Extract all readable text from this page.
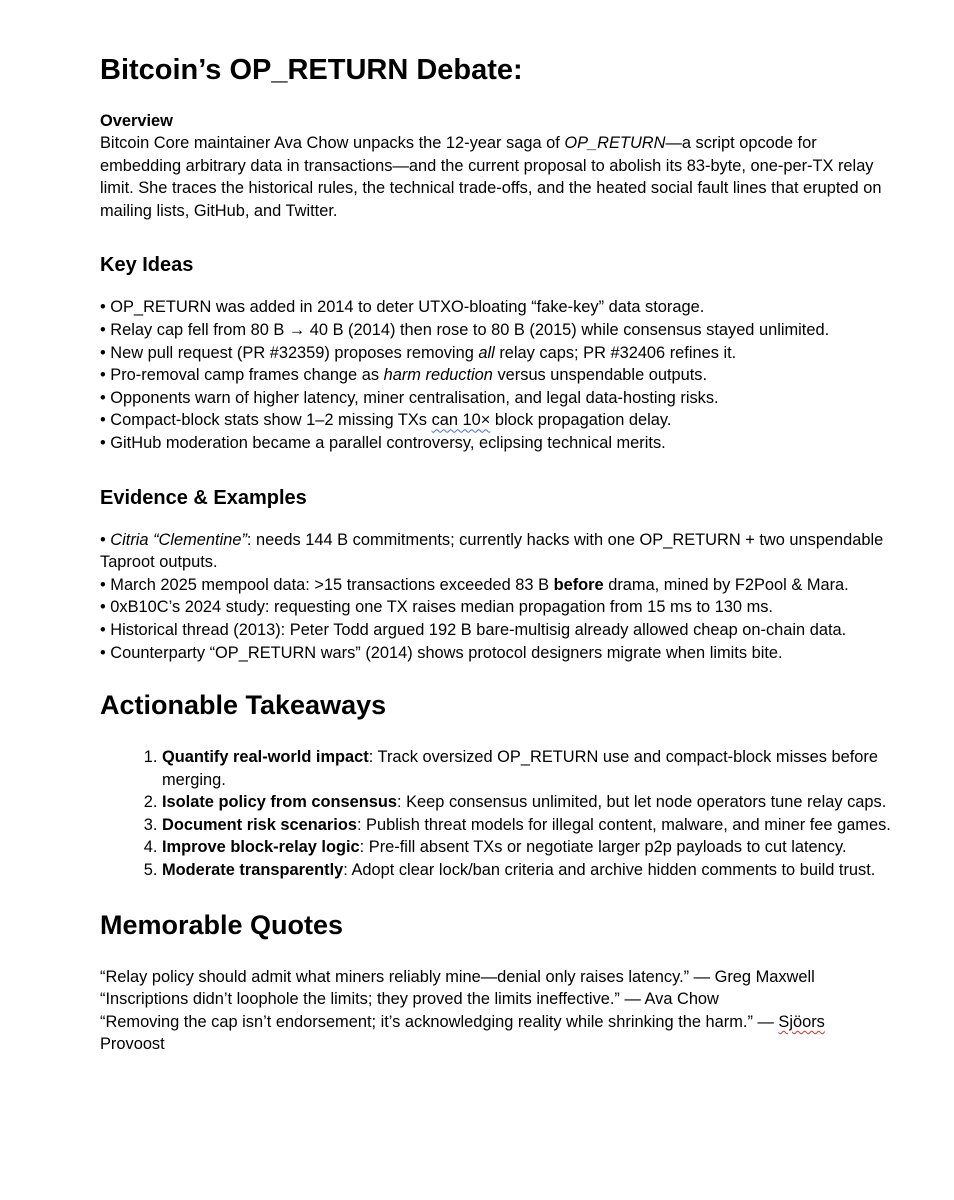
Bitcoin’s OP_RETURN Debate:
Overview

Bitcoin Core maintainer Ava Chow unpacks the 12-year saga of OP_RETURN—a script opcode for embedding arbitrary data in transactions—and the current proposal to abolish its 83-byte, one-per-TX relay limit. She traces the historical rules, the technical trade-offs, and the heated social fault lines that erupted on mailing lists, GitHub, and Twitter.

Key Ideas
• OP_RETURN was added in 2014 to deter UTXO-bloating “fake-key” data storage.
• Relay cap fell from 80 B → 40 B (2014) then rose to 80 B (2015) while consensus stayed unlimited.
• New pull request (PR #32359) proposes removing all relay caps; PR #32406 refines it.
• Pro-removal camp frames change as harm reduction versus unspendable outputs.
• Opponents warn of higher latency, miner centralisation, and legal data-hosting risks.
• Compact-block stats show 1–2 missing TXs can 10× block propagation delay.
• GitHub moderation became a parallel controversy, eclipsing technical merits.
Evidence & Examples
• Citria “Clementine”: needs 144 B commitments; currently hacks with one OP_RETURN + two unspendable Taproot outputs.
• March 2025 mempool data: >15 transactions exceeded 83 B before drama, mined by F2Pool & Mara.
• 0xB10C’s 2024 study: requesting one TX raises median propagation from 15 ms to 130 ms.
• Historical thread (2013): Peter Todd argued 192 B bare-multisig already allowed cheap on-chain data.
• Counterparty “OP_RETURN wars” (2014) shows protocol designers migrate when limits bite.
Actionable Takeaways
1. Quantify real-world impact: Track oversized OP_RETURN use and compact-block misses before merging.
2. Isolate policy from consensus: Keep consensus unlimited, but let node operators tune relay caps.
3. Document risk scenarios: Publish threat models for illegal content, malware, and miner fee games.
4. Improve block-relay logic: Pre-fill absent TXs or negotiate larger p2p payloads to cut latency.
5. Moderate transparently: Adopt clear lock/ban criteria and archive hidden comments to build trust.
Memorable Quotes
“Relay policy should admit what miners reliably mine—denial only raises latency.” — Greg Maxwell
“Inscriptions didn’t loophole the limits; they proved the limits ineffective.” — Ava Chow
“Removing the cap isn’t endorsement; it’s acknowledging reality while shrinking the harm.” — Sjöors Provoost
